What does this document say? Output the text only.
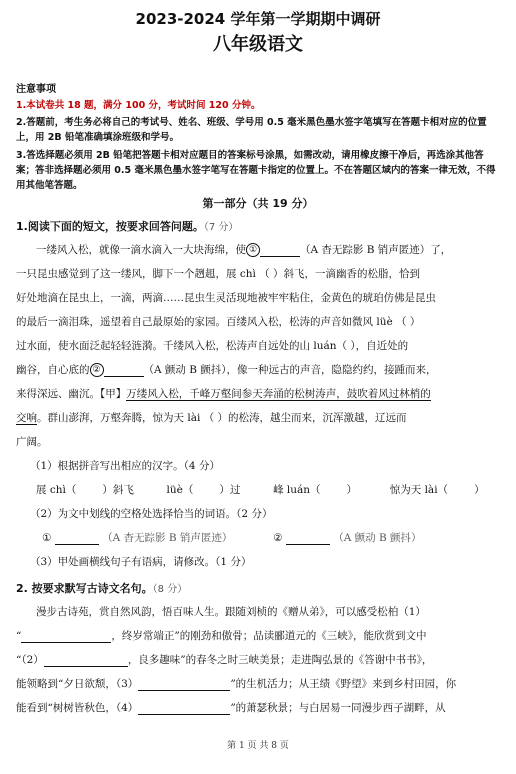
2023-2024 学年第一学期期中调研
八年级语文
注意事项
1.本试卷共 18 题，满分 100 分，考试时间 120 分钟。
2.答题前，考生务必将自己的考试号、姓名、班级、学号用 0.5 毫米黑色墨水签字笔填写在答题卡相对应的位置上，用 2B 铅笔准确填涂班级和学号。
3.答选择题必须用 2B 铅笔把答题卡相对应题目的答案标号涂黑，如需改动，请用橡皮擦干净后，再选涂其他答案；答非选择题必须用 0.5 毫米黑色墨水签字笔写在答题卡指定的位置上。不在答题区域内的答案一律无效，不得用其他笔答题。
第一部分（共 19 分）
1.阅读下面的短文，按要求回答问题。（7 分）
一缕风入松，就像一滴水滴入一大块海绵，使 ①	（A 杳无踪影 B 销声匿迹）了，
一只昆虫感觉到了这一缕风，脚下一个趔趄，展 chì （ ）斜飞，一滴幽香的松脂，恰到
好处地滴在昆虫上，一滴，两滴……昆虫生灵活现地被牢牢粘住，金黄色的琥珀仿佛是昆虫
的最后一滴泪珠，遥望着自己最原始的家园。百缕风入松，松涛的声音如微风 lüè （ ）
过水面，使水面泛起轻轻涟漪。千缕风入松，松涛声自远处的山 luán（ ），自近处的
幽谷，自心底的 ②	（A 颤动 B 颤抖），像一种远古的声音，隐隐约约，接踵而来，
来得深远、幽沉。【甲】万缕风入松，千峰万壑间参天奔涌的松树涛声，鼓吹着风过林梢的
交响。群山澎湃，万壑奔腾，惊为天 lài （ ）的松涛，越尘而来，沉浑激越，辽远而
广阔。
（1）根据拼音写出相应的汉字。（4 分）
展 chì（ ）斜飞	lüè（ ）过	峰 luán（ ）	惊为天 lài（ ）
（2）为文中划线的空格处选择恰当的词语。（2 分）
①	（A 杳无踪影 B 销声匿迹）	②	（A 颤动 B 颤抖）
（3）甲处画横线句子有语病，请修改。（1 分）
2. 按要求默写古诗文名句。（8 分）
漫步古诗苑，赏自然风韵，悟百味人生。跟随刘桢的《赠从弟》，可以感受松柏（1）
“	，终岁常端正”的刚劲和傲骨；品读郦道元的《三峡》，能欣赏到文中
“（2）	，良多趣味”的春冬之时三峡美景；走进陶弘景的《答谢中书书》，
能领略到“夕日欲颓，（3）	”的生机活力；从王绩《野望》来到乡村田园，你
能看到“树树皆秋色，（4）	”的萧瑟秋景；与白居易一同漫步西子湖畔，从
第 1 页 共 8 页
